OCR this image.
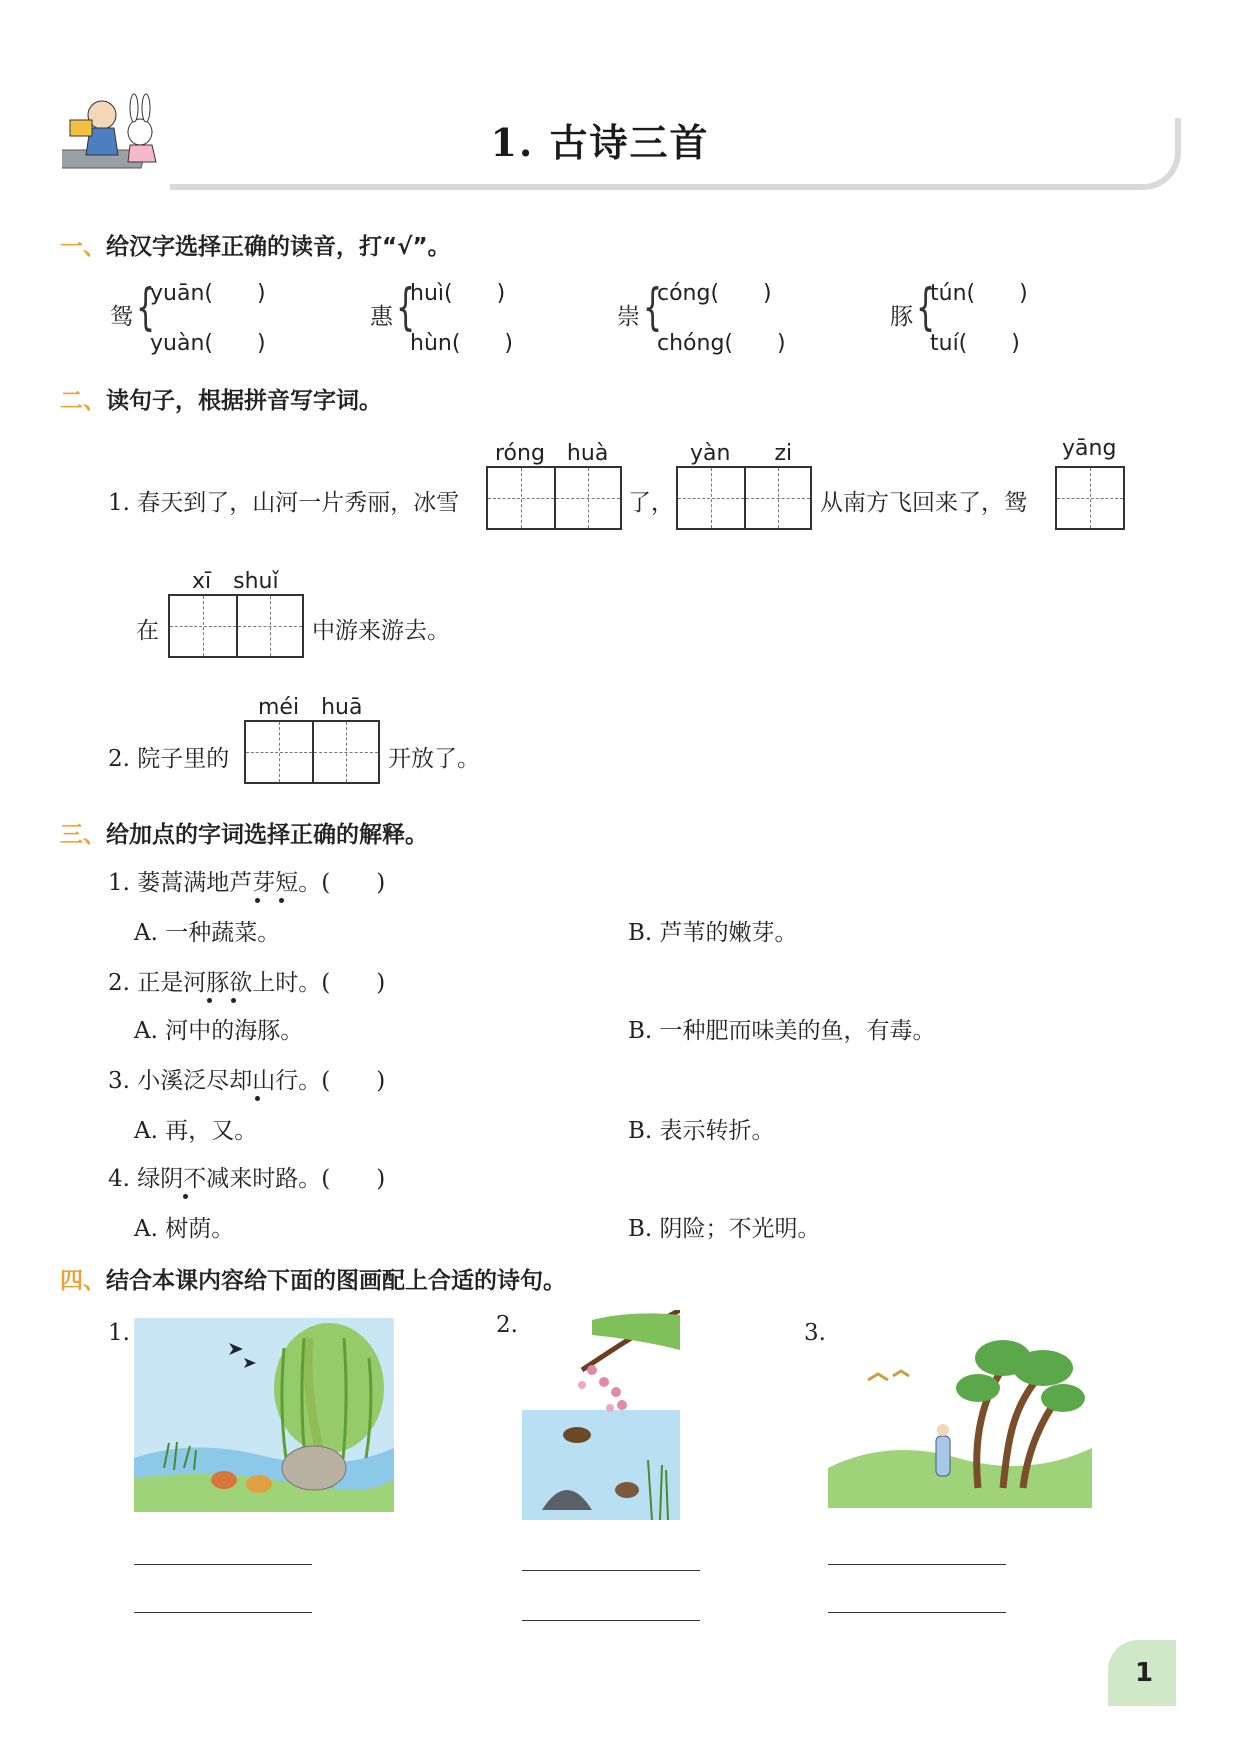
1. 古诗三首
一、给汉字选择正确的读音，打“√”。
鸳 {
yuān(　　)
yuàn(　　)
惠 {
huì(　　)
hùn(　　)
崇 {
cóng(　　)
chóng(　　)
豚 {
tún(　　)
tuí(　　)
二、读句子，根据拼音写字词。
róng　huà	yàn　　zi	yāng
1. 春天到了，山河一片秀丽，冰雪	了，	从南方飞回来了，鸳
xī　shuǐ
在	中游来游去。
méi　huā
2. 院子里的	开放了。
三、给加点的字词选择正确的解释。
1. 蒌蒿满地芦芽短。(　　)
A. 一种蔬菜。	B. 芦苇的嫩芽。
2. 正是河豚欲上时。(　　)
A. 河中的海豚。	B. 一种肥而味美的鱼，有毒。
3. 小溪泛尽却山行。(　　)
A. 再，又。	B. 表示转折。
4. 绿阴不减来时路。(　　)
A. 树荫。	B. 阴险；不光明。
四、结合本课内容给下面的图画配上合适的诗句。
1.	2.	3.
1
